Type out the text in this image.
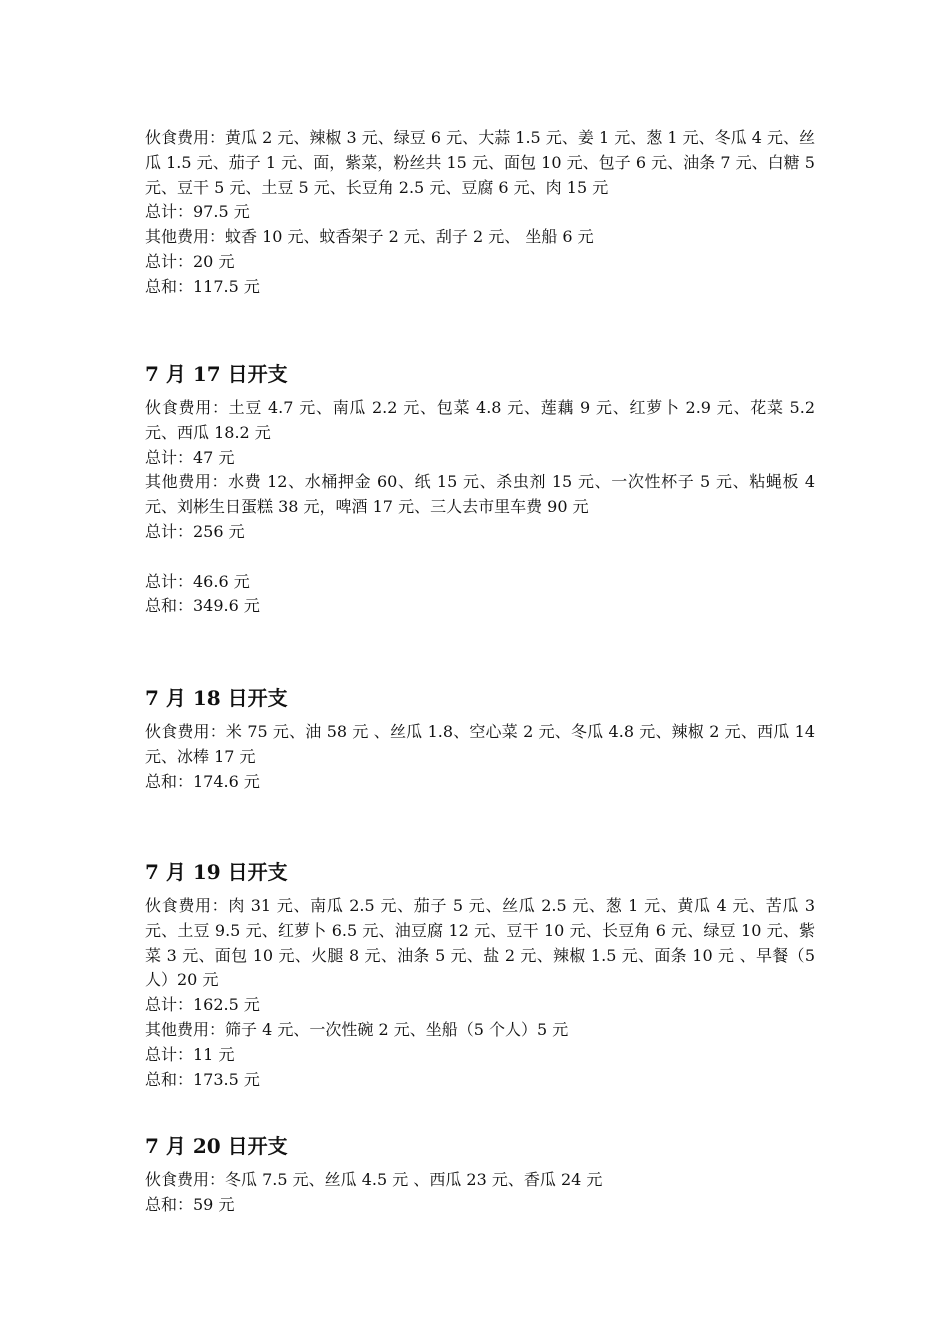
伙食费用：黄瓜 2 元、辣椒 3 元、绿豆 6 元、大蒜 1.5 元、姜 1 元、葱 1 元、冬瓜 4 元、丝瓜 1.5 元、茄子 1 元、面，紫菜，粉丝共 15 元、面包 10 元、包子 6 元、油条 7 元、白糖 5 元、豆干 5 元、土豆 5 元、长豆角 2.5 元、豆腐 6 元、肉 15 元

总计：97.5 元

其他费用：蚊香 10 元、蚊香架子 2 元、刮子 2 元、 坐船 6 元

总计：20 元

总和：117.5 元

7 月 17 日开支

伙食费用：土豆 4.7 元、南瓜 2.2 元、包菜 4.8 元、莲藕 9 元、红萝卜 2.9 元、花菜 5.2 元、西瓜 18.2 元

总计：47 元

其他费用：水费 12、水桶押金 60、纸 15 元、杀虫剂 15 元、一次性杯子 5 元、粘蝇板 4 元、刘彬生日蛋糕 38 元，啤酒 17 元、三人去市里车费 90 元

总计：256 元

总计：46.6 元

总和：349.6 元

7 月 18 日开支

伙食费用：米 75 元、油 58 元 、丝瓜 1.8、空心菜 2 元、冬瓜 4.8 元、辣椒 2 元、西瓜 14 元、冰棒 17 元

总和：174.6 元

7 月 19 日开支

伙食费用：肉 31 元、南瓜 2.5 元、茄子 5 元、丝瓜 2.5 元、葱 1 元、黄瓜 4 元、苦瓜 3 元、土豆 9.5 元、红萝卜 6.5 元、油豆腐 12 元、豆干 10 元、长豆角 6 元、绿豆 10 元、紫菜 3 元、面包 10 元、火腿 8 元、油条 5 元、盐 2 元、辣椒 1.5 元、面条 10 元 、早餐（5 人）20 元

总计：162.5 元

其他费用：筛子 4 元、一次性碗 2 元、坐船（5 个人）5 元

总计：11 元

总和：173.5 元

7 月 20 日开支

伙食费用：冬瓜 7.5 元、丝瓜 4.5 元 、西瓜 23 元、香瓜 24 元

总和：59 元
